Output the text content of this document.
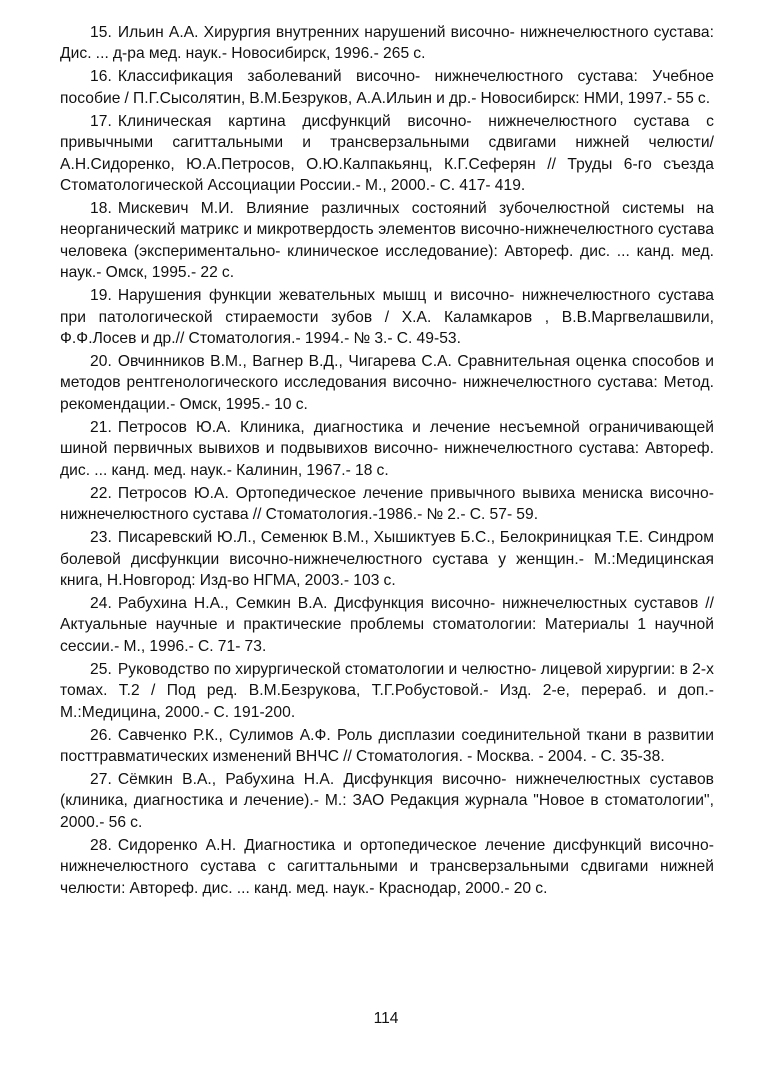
15. Ильин А.А. Хирургия внутренних нарушений височно- нижнечелюстного сустава: Дис. ... д-ра мед. наук.- Новосибирск, 1996.- 265 с.
16. Классификация заболеваний височно- нижнечелюстного сустава: Учебное пособие / П.Г.Сысолятин, В.М.Безруков, А.А.Ильин и др.- Новосибирск: НМИ, 1997.- 55 с.
17. Клиническая картина дисфункций височно- нижнечелюстного сустава с привычными сагиттальными и трансверзальными сдвигами нижней челюсти/ А.Н.Сидоренко, Ю.А.Петросов, О.Ю.Калпакьянц, К.Г.Сеферян // Труды 6-го съезда Стоматологической Ассоциации России.- М., 2000.- С. 417- 419.
18. Мискевич М.И. Влияние различных состояний зубочелюстной системы на неорганический матрикс и микротвердость элементов височно-нижнечелюстного сустава человека (экспериментально- клиническое исследование): Автореф. дис. ... канд. мед. наук.- Омск, 1995.- 22 с.
19. Нарушения функции жевательных мышц и височно- нижнечелюстного сустава при патологической стираемости зубов / Х.А. Каламкаров , В.В.Маргвелашвили, Ф.Ф.Лосев и др.// Стоматология.- 1994.- № 3.- С. 49-53.
20. Овчинников В.М., Вагнер В.Д., Чигарева С.А. Сравнительная оценка способов и методов рентгенологического исследования височно- нижнечелюстного сустава: Метод. рекомендации.- Омск, 1995.- 10 с.
21. Петросов Ю.А. Клиника, диагностика и лечение несъемной ограничивающей шиной первичных вывихов и подвывихов височно- нижнечелюстного сустава: Автореф. дис. ... канд. мед. наук.- Калинин, 1967.- 18 с.
22. Петросов Ю.А. Ортопедическое лечение привычного вывиха мениска височно- нижнечелюстного сустава // Стоматология.-1986.- № 2.- С. 57- 59.
23. Писаревский Ю.Л., Семенюк В.М., Хышиктуев Б.С., Белокриницкая Т.Е. Синдром болевой дисфункции височно-нижнечелюстного сустава у женщин.- М.:Медицинская книга, Н.Новгород: Изд-во НГМА, 2003.- 103 с.
24. Рабухина Н.А., Семкин В.А. Дисфункция височно- нижнечелюстных суставов // Актуальные научные и практические проблемы стоматологии: Материалы 1 научной сессии.- М., 1996.- С. 71- 73.
25. Руководство по хирургической стоматологии и челюстно- лицевой хирургии: в 2-х томах. Т.2 / Под ред. В.М.Безрукова, Т.Г.Робустовой.- Изд. 2-е, перераб. и доп.- М.:Медицина, 2000.- С. 191-200.
26. Савченко Р.К., Сулимов А.Ф. Роль дисплазии соединительной ткани в развитии посттравматических изменений ВНЧС // Стоматология. - Москва. - 2004. - С. 35-38.
27. Сёмкин В.А., Рабухина Н.А. Дисфункция височно- нижнечелюстных суставов (клиника, диагностика и лечение).- М.: ЗАО Редакция журнала "Новое в стоматологии", 2000.- 56 с.
28. Сидоренко А.Н. Диагностика и ортопедическое лечение дисфункций височно- нижнечелюстного сустава с сагиттальными и трансверзальными сдвигами нижней челюсти: Автореф. дис. ... канд. мед. наук.- Краснодар, 2000.- 20 с.
114
